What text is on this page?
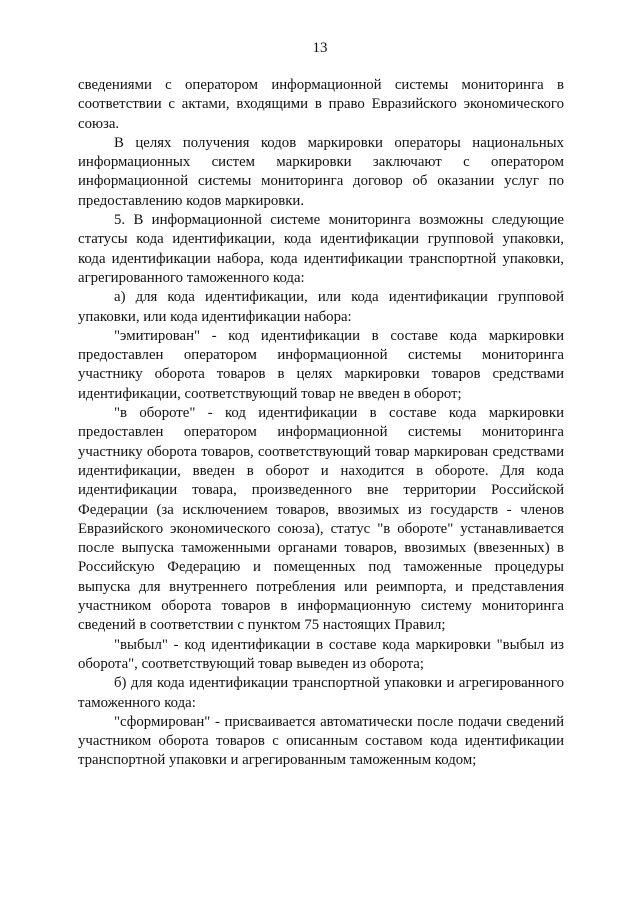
13

сведениями с оператором информационной системы мониторинга в соответствии с актами, входящими в право Евразийского экономического союза.

В целях получения кодов маркировки операторы национальных информационных систем маркировки заключают с оператором информационной системы мониторинга договор об оказании услуг по предоставлению кодов маркировки.

5. В информационной системе мониторинга возможны следующие статусы кода идентификации, кода идентификации групповой упаковки, кода идентификации набора, кода идентификации транспортной упаковки, агрегированного таможенного кода:

а) для кода идентификации, или кода идентификации групповой упаковки, или кода идентификации набора:

"эмитирован" - код идентификации в составе кода маркировки предоставлен оператором информационной системы мониторинга участнику оборота товаров в целях маркировки товаров средствами идентификации, соответствующий товар не введен в оборот;

"в обороте" - код идентификации в составе кода маркировки предоставлен оператором информационной системы мониторинга участнику оборота товаров, соответствующий товар маркирован средствами идентификации, введен в оборот и находится в обороте. Для кода идентификации товара, произведенного вне территории Российской Федерации (за исключением товаров, ввозимых из государств - членов Евразийского экономического союза), статус "в обороте" устанавливается после выпуска таможенными органами товаров, ввозимых (ввезенных) в Российскую Федерацию и помещенных под таможенные процедуры выпуска для внутреннего потребления или реимпорта, и представления участником оборота товаров в информационную систему мониторинга сведений в соответствии с пунктом 75 настоящих Правил;

"выбыл" - код идентификации в составе кода маркировки "выбыл из оборота", соответствующий товар выведен из оборота;

б) для кода идентификации транспортной упаковки и агрегированного таможенного кода:

"сформирован" - присваивается автоматически после подачи сведений участником оборота товаров с описанным составом кода идентификации транспортной упаковки и агрегированным таможенным кодом;
